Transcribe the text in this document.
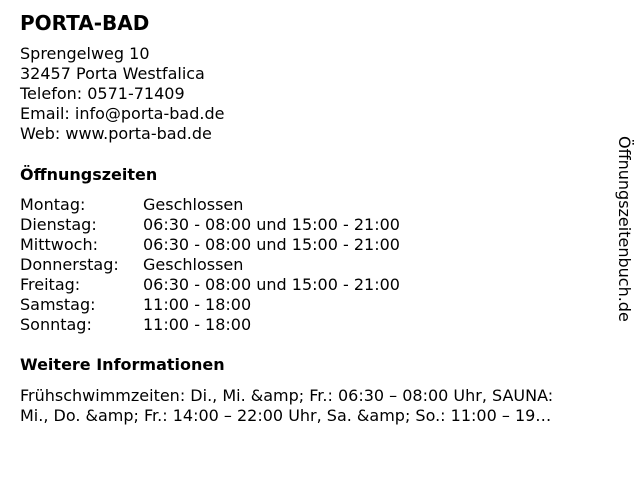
PORTA-BAD
Sprengelweg 10
32457 Porta Westfalica
Telefon: 0571-71409
Email: info@porta-bad.de
Web: www.porta-bad.de
Öffnungszeiten
Montag:	Geschlossen
Dienstag:	06:30 - 08:00 und 15:00 - 21:00
Mittwoch:	06:30 - 08:00 und 15:00 - 21:00
Donnerstag:	Geschlossen
Freitag:	06:30 - 08:00 und 15:00 - 21:00
Samstag:	11:00 - 18:00
Sonntag:	11:00 - 18:00
Weitere Informationen
Frühschwimmzeiten: Di., Mi. &amp; Fr.: 06:30 – 08:00 Uhr, SAUNA:
Mi., Do. &amp; Fr.: 14:00 – 22:00 Uhr, Sa. &amp; So.: 11:00 – 19…
Öffnungszeitenbuch.de
